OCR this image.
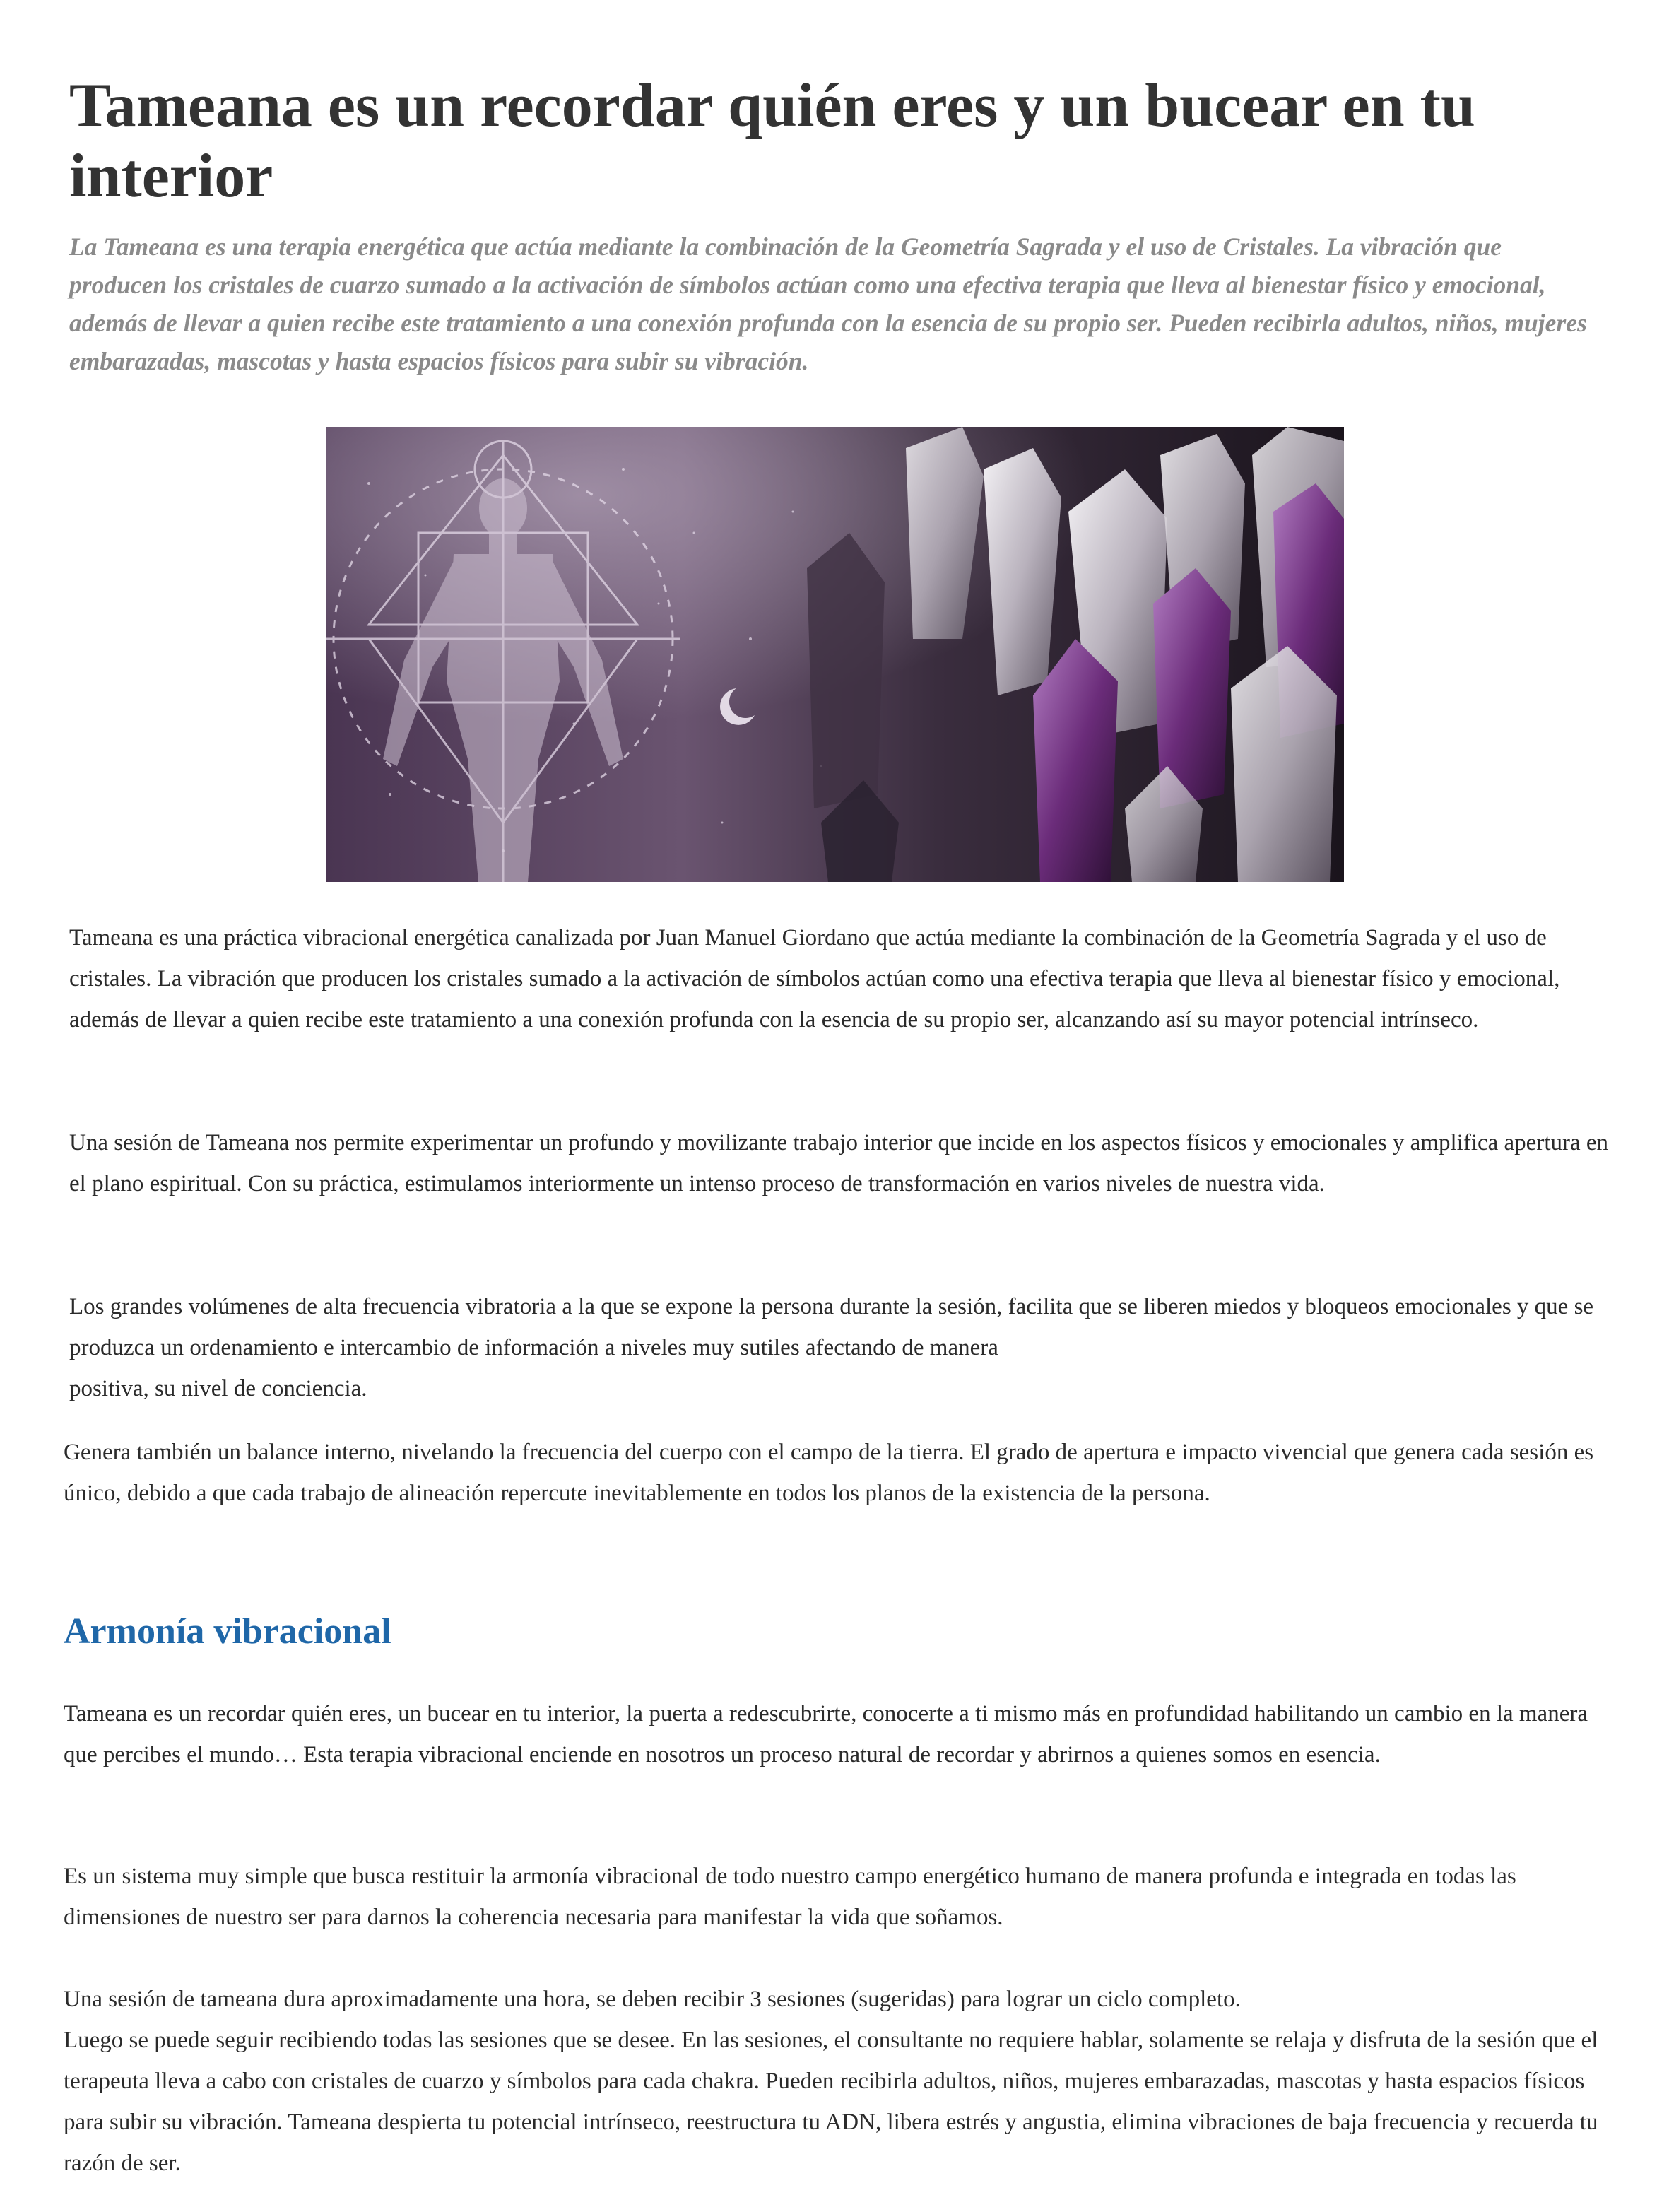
Tameana es un recordar quién eres y un bucear en tu interior

La Tameana es una terapia energética que actúa mediante la combinación de la Geometría Sagrada y el uso de Cristales. La vibración que producen los cristales de cuarzo sumado a la activación de símbolos actúan como una efectiva terapia que lleva al bienestar físico y emocional, además de llevar a quien recibe este tratamiento a una conexión profunda con la esencia de su propio ser. Pueden recibirla adultos, niños, mujeres embarazadas, mascotas y hasta espacios físicos para subir su vibración.

Tameana es una práctica vibracional energética canalizada por Juan Manuel Giordano que actúa mediante la combinación de la Geometría Sagrada y el uso de cristales. La vibración que producen los cristales sumado a la activación de símbolos actúan como una efectiva terapia que lleva al bienestar físico y emocional, además de llevar a quien recibe este tratamiento a una conexión profunda con la esencia de su propio ser, alcanzando así su mayor potencial intrínseco.

Una sesión de Tameana nos permite experimentar un profundo y movilizante trabajo interior que incide en los aspectos físicos y emocionales y amplifica apertura en el plano espiritual. Con su práctica, estimulamos interiormente un intenso proceso de transformación en varios niveles de nuestra vida.

Los grandes volúmenes de alta frecuencia vibratoria a la que se expone la persona durante la sesión, facilita que se liberen miedos y bloqueos emocionales y que se produzca un ordenamiento e intercambio de información a niveles muy sutiles afectando de manera
positiva, su nivel de conciencia.

Genera también un balance interno, nivelando la frecuencia del cuerpo con el campo de la tierra. El grado de apertura e impacto vivencial que genera cada sesión es único, debido a que cada trabajo de alineación repercute inevitablemente en todos los planos de la existencia de la persona.

Armonía vibracional

Tameana es un recordar quién eres, un bucear en tu interior, la puerta a redescubrirte, conocerte a ti mismo más en profundidad habilitando un cambio en la manera que percibes el mundo… Esta terapia vibracional enciende en nosotros un proceso natural de recordar y abrirnos a quienes somos en esencia.

Es un sistema muy simple que busca restituir la armonía vibracional de todo nuestro campo energético humano de manera profunda e integrada en todas las dimensiones de nuestro ser para darnos la coherencia necesaria para manifestar la vida que soñamos.

Una sesión de tameana dura aproximadamente una hora, se deben recibir 3 sesiones (sugeridas) para lograr un ciclo completo.
Luego se puede seguir recibiendo todas las sesiones que se desee. En las sesiones, el consultante no requiere hablar, solamente se relaja y disfruta de la sesión que el terapeuta lleva a cabo con cristales de cuarzo y símbolos para cada chakra. Pueden recibirla adultos, niños, mujeres embarazadas, mascotas y hasta espacios físicos para subir su vibración. Tameana despierta tu potencial intrínseco, reestructura tu ADN, libera estrés y angustia, elimina vibraciones de baja frecuencia y recuerda tu razón de ser.
